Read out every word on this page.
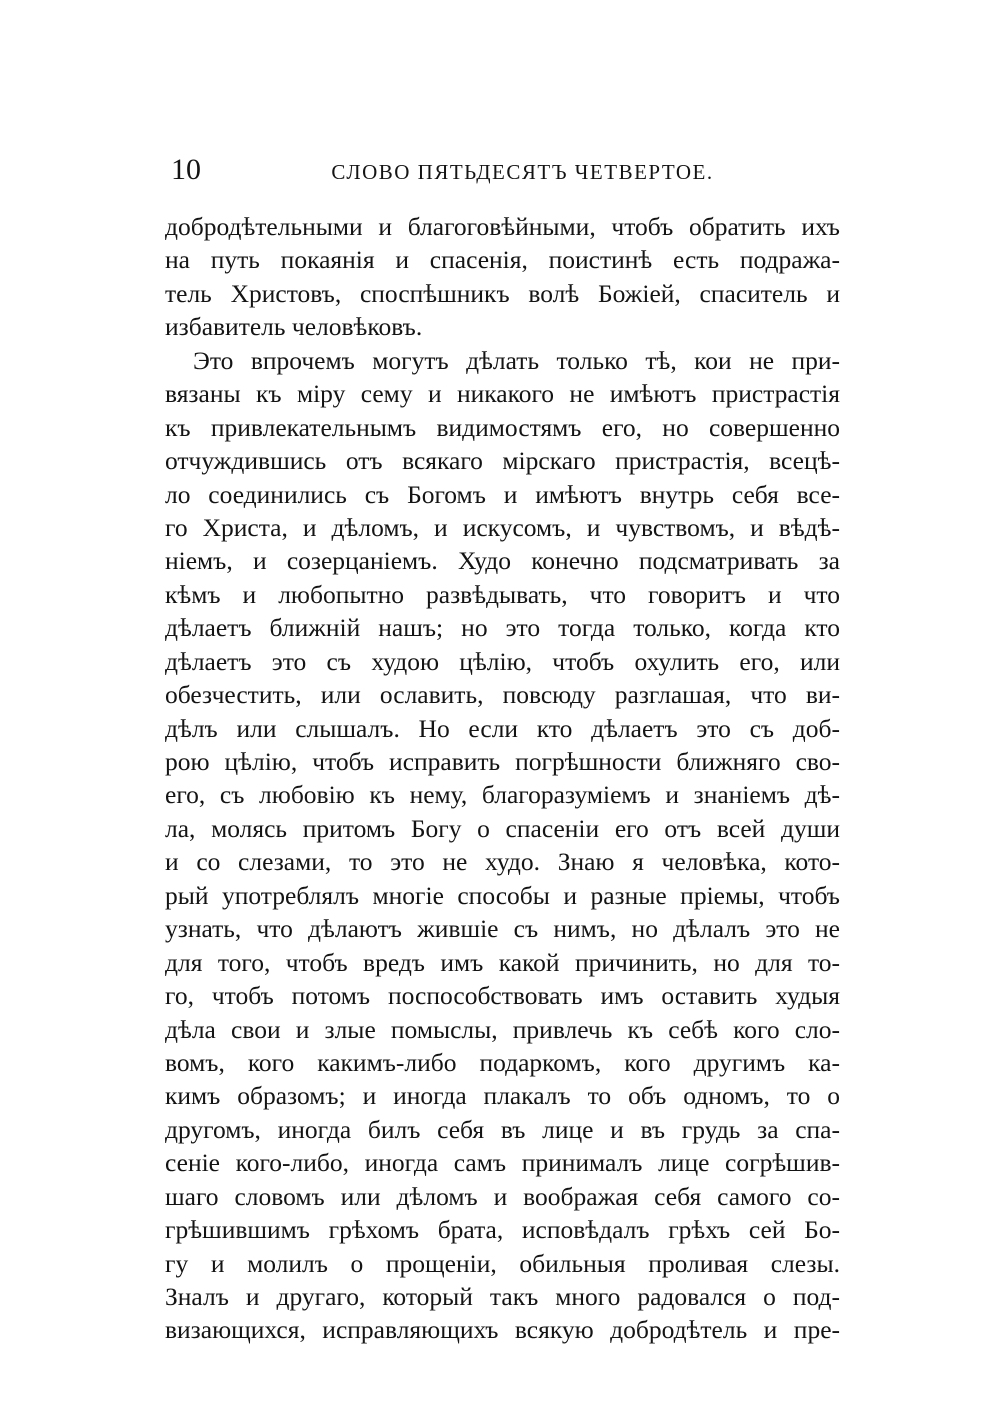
10	СЛОВО ПЯТЬДЕСЯТЪ ЧЕТВЕРТОЕ.
добродѣтельными и благоговѣйными, чтобъ обратить ихъ
на путь покаянія и спасенія, поистинѣ есть подража-
тель Христовъ, споспѣшникъ волѣ Божіей, спаситель и
избавитель человѣковъ.
Это впрочемъ могутъ дѣлать только тѣ, кои не при-
вязаны къ міру сему и никакого не имѣютъ пристрастія
къ привлекательнымъ видимостямъ его, но совершенно
отчуждившись отъ всякаго мірскаго пристрастія, всецѣ-
ло соединились съ Богомъ и имѣютъ внутрь себя все-
го Христа, и дѣломъ, и искусомъ, и чувствомъ, и вѣдѣ-
ніемъ, и созерцаніемъ. Худо конечно подсматривать за
кѣмъ и любопытно развѣдывать, что говоритъ и что
дѣлаетъ ближній нашъ; но это тогда только, когда кто
дѣлаетъ это съ худою цѣлію, чтобъ охулить его, или
обезчестить, или ославить, повсюду разглашая, что ви-
дѣлъ или слышалъ. Но если кто дѣлаетъ это съ доб-
рою цѣлію, чтобъ исправить погрѣшности ближняго сво-
его, съ любовію къ нему, благоразуміемъ и знаніемъ дѣ-
ла, молясь притомъ Богу о спасеніи его отъ всей души
и со слезами, то это не худо. Знаю я человѣка, кото-
рый употреблялъ многіе способы и разные пріемы, чтобъ
узнать, что дѣлаютъ жившіе съ нимъ, но дѣлалъ это не
для того, чтобъ вредъ имъ какой причинить, но для то-
го, чтобъ потомъ поспособствовать имъ оставить худыя
дѣла свои и злые помыслы, привлечь къ себѣ кого сло-
вомъ, кого какимъ-либо подаркомъ, кого другимъ ка-
кимъ образомъ; и иногда плакалъ то объ одномъ, то о
другомъ, иногда билъ себя въ лице и въ грудь за спа-
сеніе кого-либо, иногда самъ принималъ лице согрѣшив-
шаго словомъ или дѣломъ и воображая себя самого со-
грѣшившимъ грѣхомъ брата, исповѣдалъ грѣхъ сей Бо-
гу и молилъ о прощеніи, обильныя проливая слезы.
Зналъ и другаго, который такъ много радовался о под-
визающихся, исправляющихъ всякую добродѣтель и пре-
